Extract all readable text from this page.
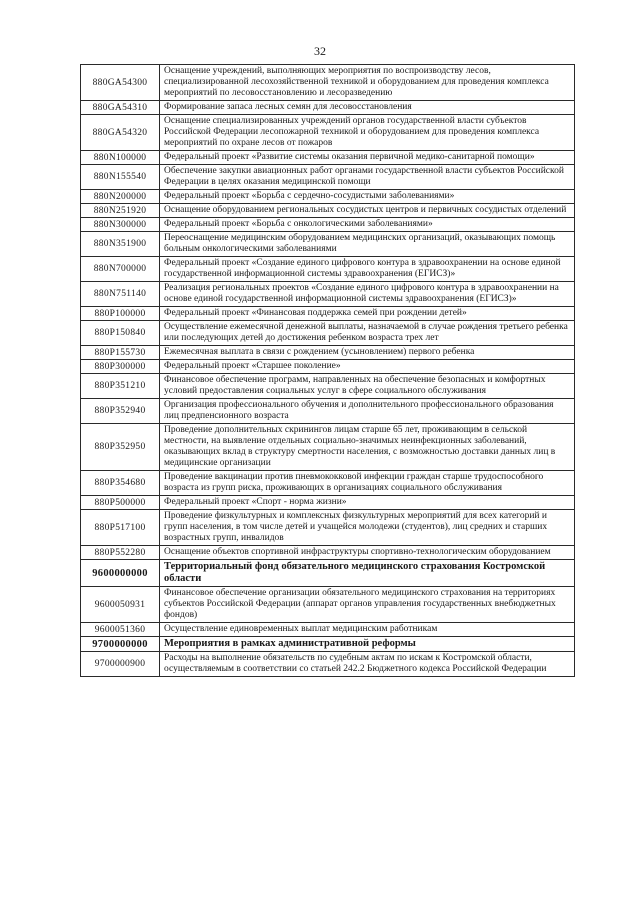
32
880GA54300	Оснащение учреждений, выполняющих мероприятия по воспроизводству лесов, специализированной лесохозяйственной техникой и оборудованием для проведения комплекса мероприятий по лесовосстановлению и лесоразведению
880GA54310	Формирование запаса лесных семян для лесовосстановления
880GA54320	Оснащение специализированных учреждений органов государственной власти субъектов Российской Федерации лесопожарной техникой и оборудованием для проведения комплекса мероприятий по охране лесов от пожаров
880N100000	Федеральный проект «Развитие системы оказания первичной медико-санитарной помощи»
880N155540	Обеспечение закупки авиационных работ органами государственной власти субъектов Российской Федерации в целях оказания медицинской помощи
880N200000	Федеральный проект «Борьба с сердечно-сосудистыми заболеваниями»
880N251920	Оснащение оборудованием региональных сосудистых центров и первичных сосудистых отделений
880N300000	Федеральный проект «Борьба с онкологическими заболеваниями»
880N351900	Переоснащение медицинским оборудованием медицинских организаций, оказывающих помощь больным онкологическими заболеваниями
880N700000	Федеральный проект «Создание единого цифрового контура в здравоохранении на основе единой государственной информационной системы здравоохранения (ЕГИСЗ)»
880N751140	Реализация региональных проектов «Создание единого цифрового контура в здравоохранении на основе единой государственной информационной системы здравоохранения (ЕГИСЗ)»
880P100000	Федеральный проект «Финансовая поддержка семей при рождении детей»
880P150840	Осуществление ежемесячной денежной выплаты, назначаемой в случае рождения третьего ребенка или последующих детей до достижения ребенком возраста трех лет
880P155730	Ежемесячная выплата в связи с рождением (усыновлением) первого ребенка
880P300000	Федеральный проект «Старшее поколение»
880P351210	Финансовое обеспечение программ, направленных на обеспечение безопасных и комфортных условий предоставления социальных услуг в сфере социального обслуживания
880P352940	Организация профессионального обучения и дополнительного профессионального образования лиц предпенсионного возраста
880P352950	Проведение дополнительных скринингов лицам старше 65 лет, проживающим в сельской местности, на выявление отдельных социально-значимых неинфекционных заболеваний, оказывающих вклад в структуру смертности населения, с возможностью доставки данных лиц в медицинские организации
880P354680	Проведение вакцинации против пневмококковой инфекции граждан старше трудоспособного возраста из групп риска, проживающих в организациях социального обслуживания
880P500000	Федеральный проект «Спорт - норма жизни»
880P517100	Проведение физкультурных и комплексных физкультурных мероприятий для всех категорий и групп населения, в том числе детей и учащейся молодежи (студентов), лиц средних и старших возрастных групп, инвалидов
880P552280	Оснащение объектов спортивной инфраструктуры спортивно-технологическим оборудованием
9600000000	Территориальный фонд обязательного медицинского страхования Костромской области
9600050931	Финансовое обеспечение организации обязательного медицинского страхования на территориях субъектов Российской Федерации (аппарат органов управления государственных внебюджетных фондов)
9600051360	Осуществление единовременных выплат медицинским работникам
9700000000	Мероприятия в рамках административной реформы
9700000900	Расходы на выполнение обязательств по судебным актам по искам к Костромской области, осуществляемым в соответствии со статьей 242.2 Бюджетного кодекса Российской Федерации
